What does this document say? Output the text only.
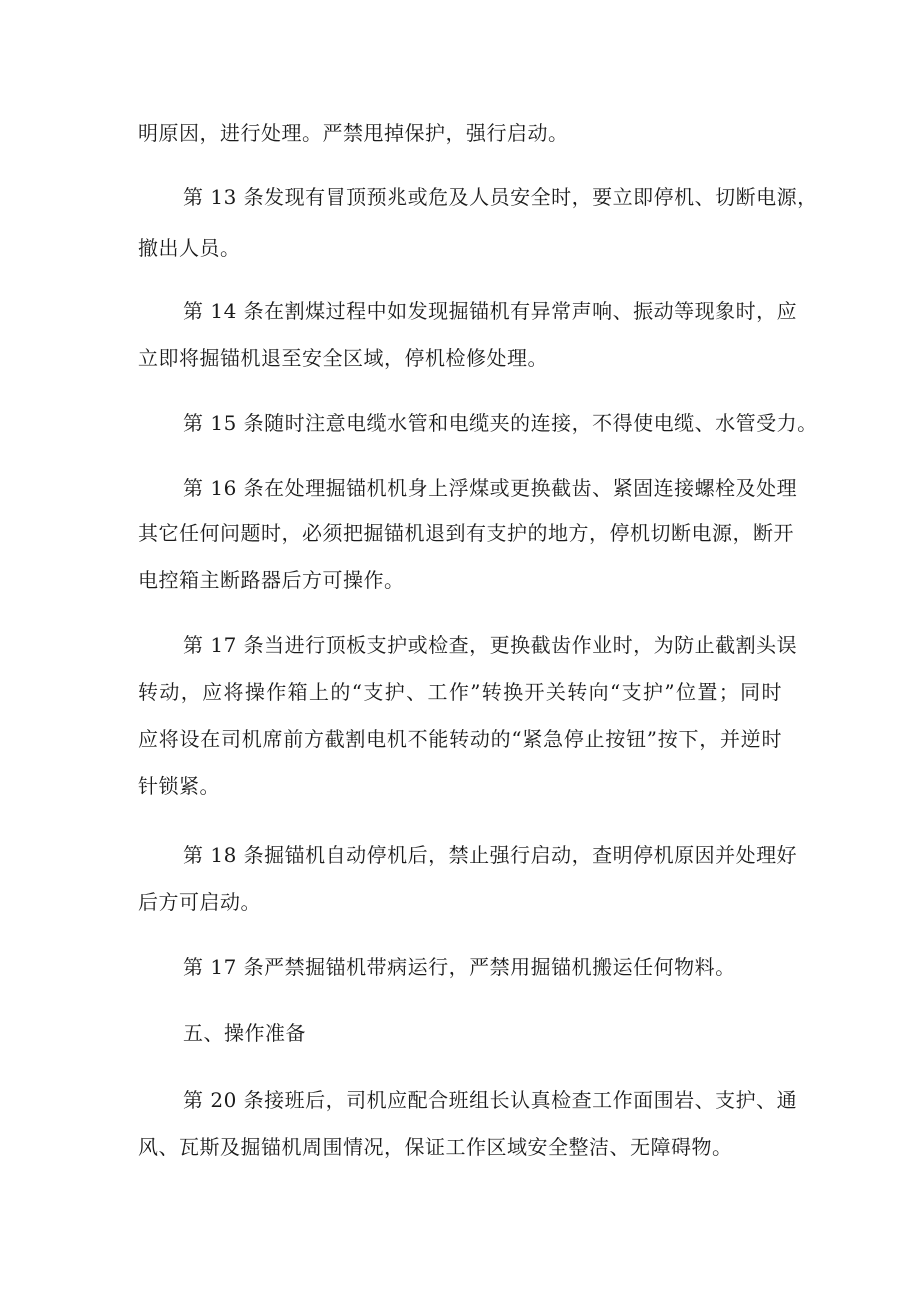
明原因，进行处理。严禁甩掉保护，强行启动。
第 13 条发现有冒顶预兆或危及人员安全时，要立即停机、切断电源，
撤出人员。
第 14 条在割煤过程中如发现掘锚机有异常声响、振动等现象时，应
立即将掘锚机退至安全区域，停机检修处理。
第 15 条随时注意电缆水管和电缆夹的连接，不得使电缆、水管受力。
第 16 条在处理掘锚机机身上浮煤或更换截齿、紧固连接螺栓及处理
其它任何问题时，必须把掘锚机退到有支护的地方，停机切断电源，断开
电控箱主断路器后方可操作。
第 17 条当进行顶板支护或检查，更换截齿作业时，为防止截割头误
转动，应将操作箱上的“支护、工作”转换开关转向“支护”位置；同时
应将设在司机席前方截割电机不能转动的“紧急停止按钮”按下，并逆时
针锁紧。
第 18 条掘锚机自动停机后，禁止强行启动，查明停机原因并处理好
后方可启动。
第 17 条严禁掘锚机带病运行，严禁用掘锚机搬运任何物料。
五、操作准备
第 20 条接班后，司机应配合班组长认真检查工作面围岩、支护、通
风、瓦斯及掘锚机周围情况，保证工作区域安全整洁、无障碍物。
